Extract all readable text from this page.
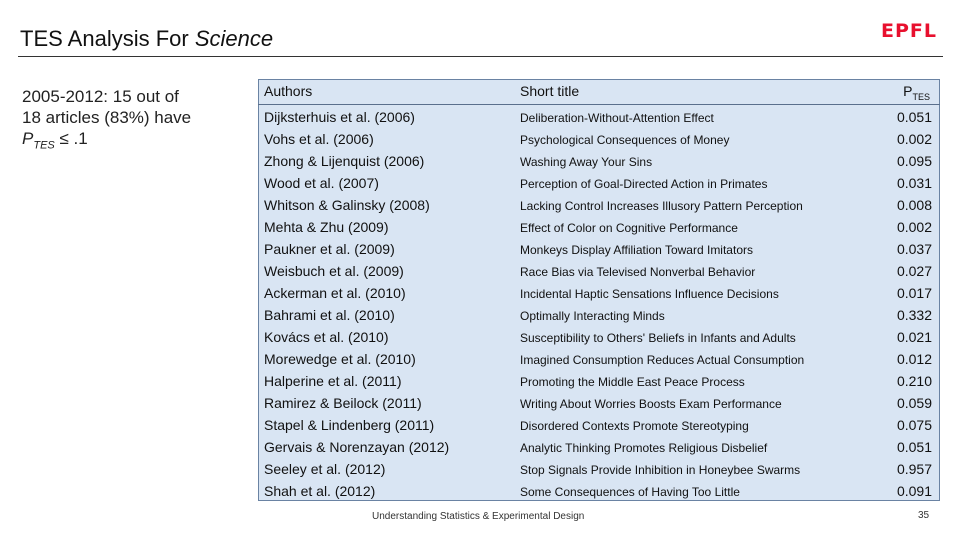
TES Analysis For Science	EPFL
2005-2012: 15 out of
18 articles (83%) have
$P_{TES} \le .1$
Authors	Short title	$P_{TES}$
Dijksterhuis et al. (2006)	Deliberation-Without-Attention Effect	0.051
Vohs et al. (2006)	Psychological Consequences of Money	0.002
Zhong & Lijenquist (2006)	Washing Away Your Sins	0.095
Wood et al. (2007)	Perception of Goal-Directed Action in Primates	0.031
Whitson & Galinsky (2008)	Lacking Control Increases Illusory Pattern Perception	0.008
Mehta & Zhu (2009)	Effect of Color on Cognitive Performance	0.002
Paukner et al. (2009)	Monkeys Display Affiliation Toward Imitators	0.037
Weisbuch et al. (2009)	Race Bias via Televised Nonverbal Behavior	0.027
Ackerman et al. (2010)	Incidental Haptic Sensations Influence Decisions	0.017
Bahrami et al. (2010)	Optimally Interacting Minds	0.332
Kovács et al. (2010)	Susceptibility to Others' Beliefs in Infants and Adults	0.021
Morewedge et al. (2010)	Imagined Consumption Reduces Actual Consumption	0.012
Halperine et al. (2011)	Promoting the Middle East Peace Process	0.210
Ramirez & Beilock (2011)	Writing About Worries Boosts Exam Performance	0.059
Stapel & Lindenberg (2011)	Disordered Contexts Promote Stereotyping	0.075
Gervais & Norenzayan (2012)	Analytic Thinking Promotes Religious Disbelief	0.051
Seeley et al. (2012)	Stop Signals Provide Inhibition in Honeybee Swarms	0.957
Shah et al. (2012)	Some Consequences of Having Too Little	0.091
Understanding Statistics & Experimental Design	35
